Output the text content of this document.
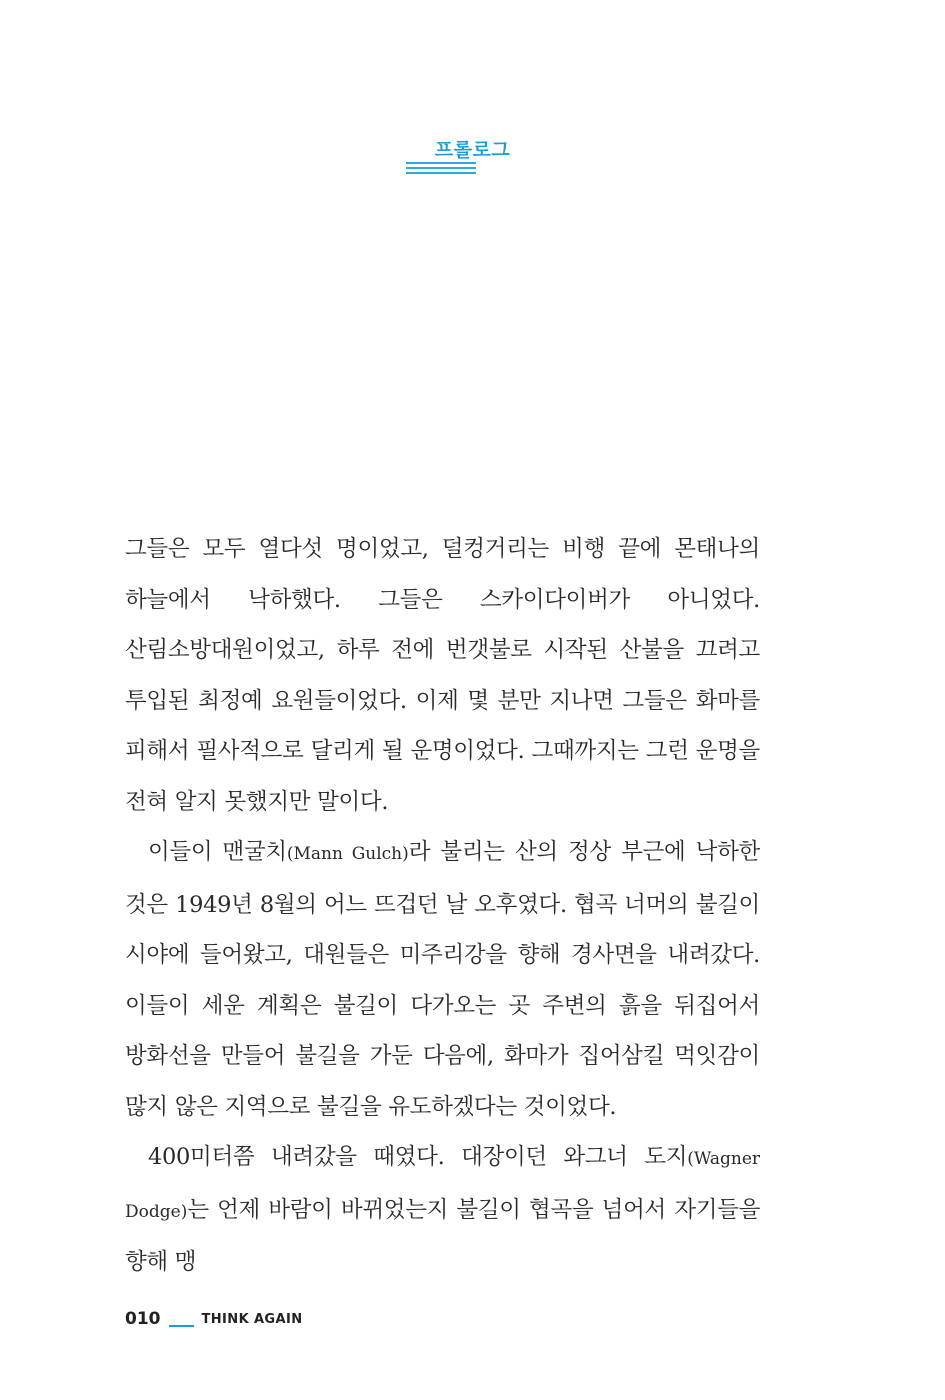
프롤로그

그들은 모두 열다섯 명이었고, 덜컹거리는 비행 끝에 몬태나의 하늘에서 낙하했다. 그들은 스카이다이버가 아니었다. 산림소방대원이었고, 하루 전에 번갯불로 시작된 산불을 끄려고 투입된 최정예 요원들이었다. 이제 몇 분만 지나면 그들은 화마를 피해서 필사적으로 달리게 될 운명이었다. 그때까지는 그런 운명을 전혀 알지 못했지만 말이다.

이들이 맨굴치(Mann Gulch)라 불리는 산의 정상 부근에 낙하한 것은 1949년 8월의 어느 뜨겁던 날 오후였다. 협곡 너머의 불길이 시야에 들어왔고, 대원들은 미주리강을 향해 경사면을 내려갔다. 이들이 세운 계획은 불길이 다가오는 곳 주변의 흙을 뒤집어서 방화선을 만들어 불길을 가둔 다음에, 화마가 집어삼킬 먹잇감이 많지 않은 지역으로 불길을 유도하겠다는 것이었다.

400미터쯤 내려갔을 때였다. 대장이던 와그너 도지(Wagner Dodge)는 언제 바람이 바뀌었는지 불길이 협곡을 넘어서 자기들을 향해 맹

010	THINK AGAIN
